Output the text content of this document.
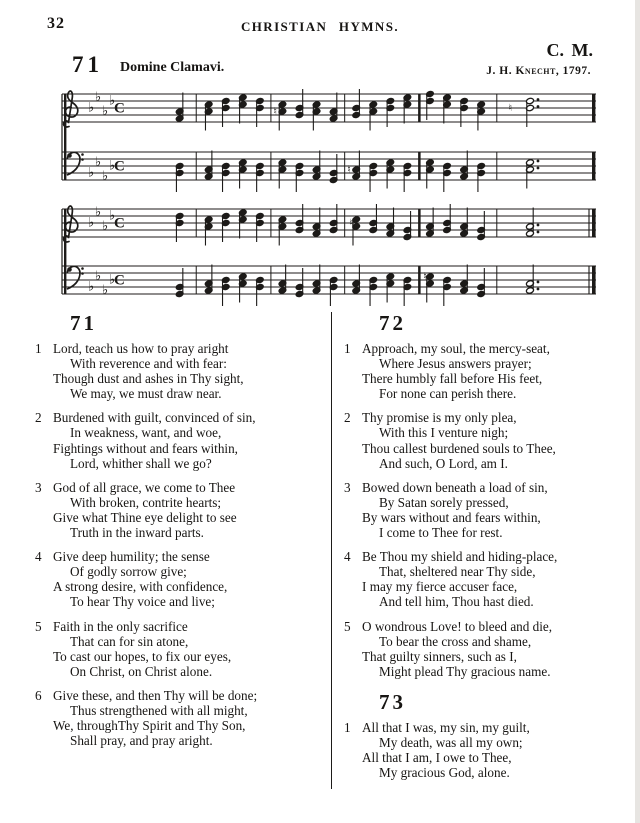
32	CHRISTIAN HYMNS.
C. M.
71 Domine Clamavi.	J. H. Knecht, 1797.
♭
♭
♭
♭
♭
♭
♭
♭
C
C
♮	♮
♮
♭
♭
♭
♭
♭
♭
♭
♭
C
C
♮
♮
71
1 Lord, teach us how to pray aright
With reverence and with fear:
Though dust and ashes in Thy sight,
We may, we must draw near.
2 Burdened with guilt, convinced of sin,
In weakness, want, and woe,
Fightings without and fears within,
Lord, whither shall we go?
3 God of all grace, we come to Thee
With broken, contrite hearts;
Give what Thine eye delight to see
Truth in the inward parts.
4 Give deep humility; the sense
Of godly sorrow give;
A strong desire, with confidence,
To hear Thy voice and live;
5 Faith in the only sacrifice
That can for sin atone,
To cast our hopes, to fix our eyes,
On Christ, on Christ alone.
6 Give these, and then Thy will be done;
Thus strengthened with all might,
We, throughThy Spirit and Thy Son,
Shall pray, and pray aright.
72
1 Approach, my soul, the mercy-seat,
Where Jesus answers prayer;
There humbly fall before His feet,
For none can perish there.
2 Thy promise is my only plea,
With this I venture nigh;
Thou callest burdened souls to Thee,
And such, O Lord, am I.
3 Bowed down beneath a load of sin,
By Satan sorely pressed,
By wars without and fears within,
I come to Thee for rest.
4 Be Thou my shield and hiding-place,
That, sheltered near Thy side,
I may my fierce accuser face,
And tell him, Thou hast died.
5 O wondrous Love! to bleed and die,
To bear the cross and shame,
That guilty sinners, such as I,
Might plead Thy gracious name.
73
1 All that I was, my sin, my guilt,
My death, was all my own;
All that I am, I owe to Thee,
My gracious God, alone.
